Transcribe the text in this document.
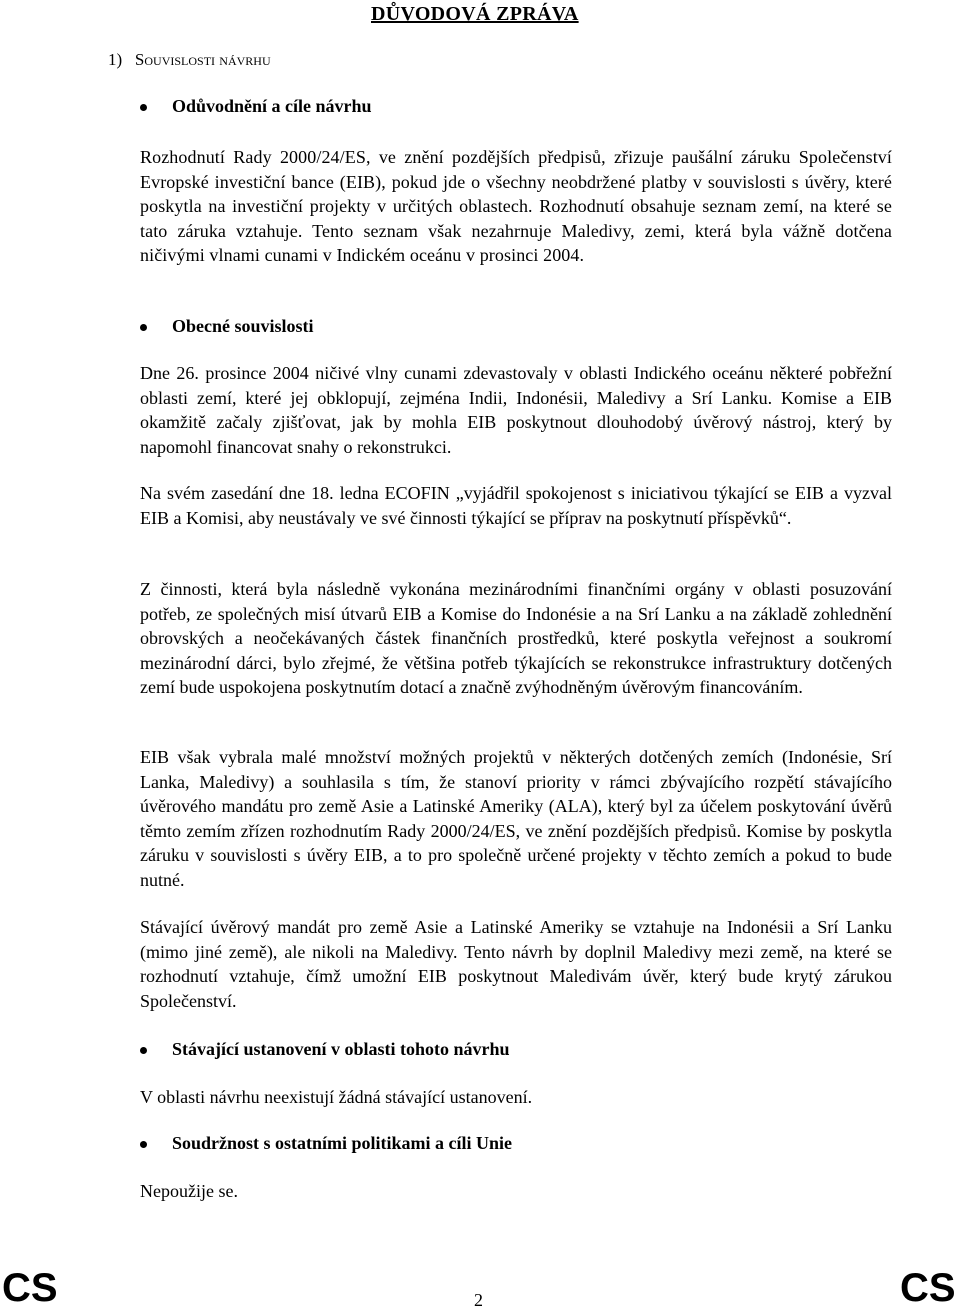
DŮVODOVÁ ZPRÁVA
1) Souvislosti návrhu
Odůvodnění a cíle návrhu

Rozhodnutí Rady 2000/24/ES, ve znění pozdějších předpisů, zřizuje paušální záruku Společenství Evropské investiční bance (EIB), pokud jde o všechny neobdržené platby v souvislosti s úvěry, které poskytla na investiční projekty v určitých oblastech. Rozhodnutí obsahuje seznam zemí, na které se tato záruka vztahuje. Tento seznam však nezahrnuje Maledivy, zemi, která byla vážně dotčena ničivými vlnami cunami v Indickém oceánu v prosinci 2004.

Obecné souvislosti

Dne 26. prosince 2004 ničivé vlny cunami zdevastovaly v oblasti Indického oceánu některé pobřežní oblasti zemí, které jej obklopují, zejména Indii, Indonésii, Maledivy a Srí Lanku. Komise a EIB okamžitě začaly zjišťovat, jak by mohla EIB poskytnout dlouhodobý úvěrový nástroj, který by napomohl financovat snahy o rekonstrukci.

Na svém zasedání dne 18. ledna ECOFIN „vyjádřil spokojenost s iniciativou týkající se EIB a vyzval EIB a Komisi, aby neustávaly ve své činnosti týkající se příprav na poskytnutí příspěvků“.

Z činnosti, která byla následně vykonána mezinárodními finančními orgány v oblasti posuzování potřeb, ze společných misí útvarů EIB a Komise do Indonésie a na Srí Lanku a na základě zohlednění obrovských a neočekávaných částek finančních prostředků, které poskytla veřejnost a soukromí mezinárodní dárci, bylo zřejmé, že většina potřeb týkajících se rekonstrukce infrastruktury dotčených zemí bude uspokojena poskytnutím dotací a značně zvýhodněným úvěrovým financováním.

EIB však vybrala malé množství možných projektů v některých dotčených zemích (Indonésie, Srí Lanka, Maledivy) a souhlasila s tím, že stanoví priority v rámci zbývajícího rozpětí stávajícího úvěrového mandátu pro země Asie a Latinské Ameriky (ALA), který byl za účelem poskytování úvěrů těmto zemím zřízen rozhodnutím Rady 2000/24/ES, ve znění pozdějších předpisů. Komise by poskytla záruku v souvislosti s úvěry EIB, a to pro společně určené projekty v těchto zemích a pokud to bude nutné.

Stávající úvěrový mandát pro země Asie a Latinské Ameriky se vztahuje na Indonésii a Srí Lanku (mimo jiné země), ale nikoli na Maledivy. Tento návrh by doplnil Maledivy mezi země, na které se rozhodnutí vztahuje, čímž umožní EIB poskytnout Maledivám úvěr, který bude krytý zárukou Společenství.

Stávající ustanovení v oblasti tohoto návrhu

V oblasti návrhu neexistují žádná stávající ustanovení.

Soudržnost s ostatními politikami a cíli Unie

Nepoužije se.

CS	2	CS
